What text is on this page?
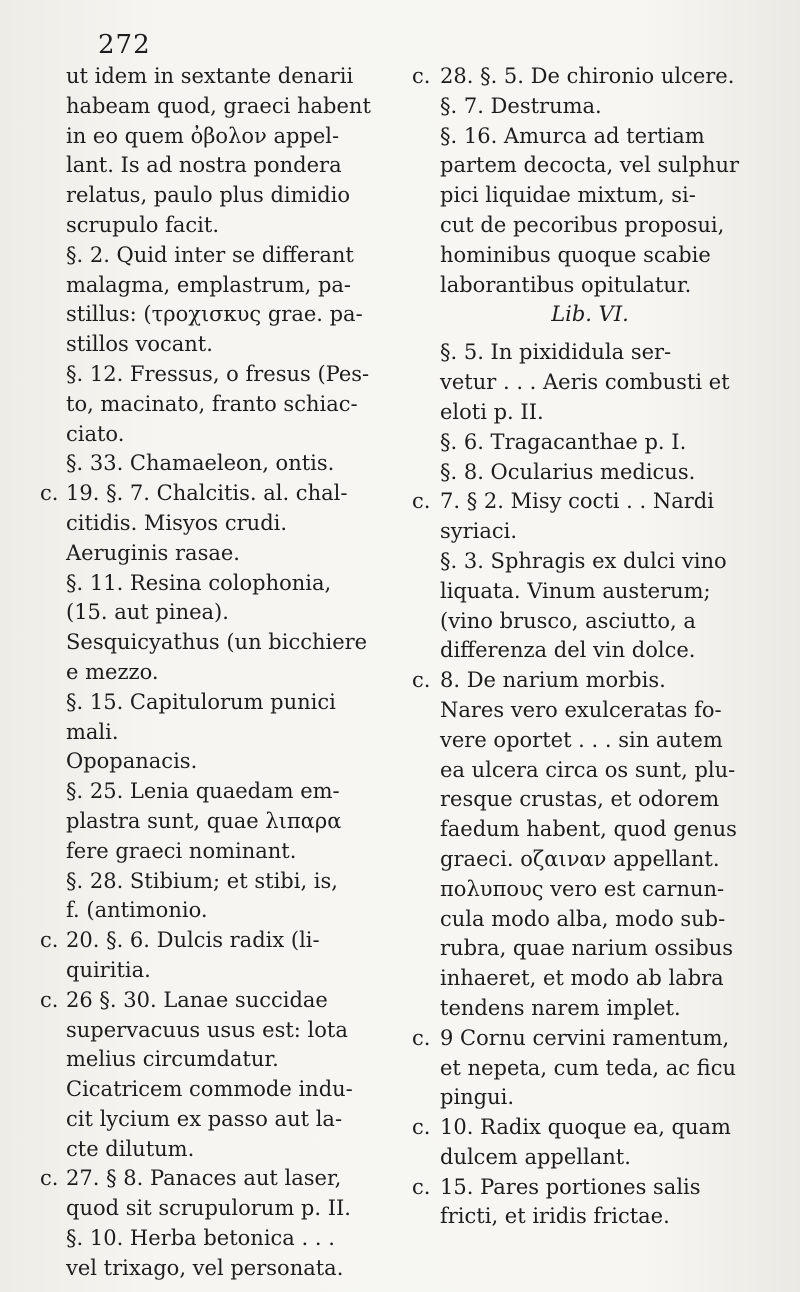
272
ut idem in sextante denarii
habeam quod, graeci habent
in eo quem ὀβολον appel-
lant. Is ad nostra pondera
relatus, paulo plus dimidio
scrupulo facit.
§. 2. Quid inter se differant
malagma, emplastrum, pa-
stillus: (τροχισκυς grae. pa-
stillos vocant.
§. 12. Fressus, o fresus (Pes-
to, macinato, franto schiac-
ciato.
§. 33. Chamaeleon, ontis.
c. 19. §. 7. Chalcitis. al. chal-
citidis. Misyos crudi.
Aeruginis rasae.
§. 11. Resina colophonia,
(15. aut pinea).
Sesquicyathus (un bicchiere
e mezzo.
§. 15. Capitulorum punici
mali.
Opopanacis.
§. 25. Lenia quaedam em-
plastra sunt, quae λιπαρα
fere graeci nominant.
§. 28. Stibium; et stibi, is,
f. (antimonio.
c. 20. §. 6. Dulcis radix (li-
quiritia.
c. 26 §. 30. Lanae succidae
supervacuus usus est: lota
melius circumdatur.
Cicatricem commode indu-
cit lycium ex passo aut la-
cte dilutum.
c. 27. § 8. Panaces aut laser,
quod sit scrupulorum p. II.
§. 10. Herba betonica . . .
vel trixago, vel personata.
c. 28. §. 5. De chironio ulcere.
§. 7. Destruma.
§. 16. Amurca ad tertiam
partem decocta, vel sulphur
pici liquidae mixtum, si-
cut de pecoribus proposui,
hominibus quoque scabie
laborantibus opitulatur.
Lib. VI.
§. 5. In pixididula ser-
vetur . . . Aeris combusti et
eloti p. II.
§. 6. Tragacanthae p. I.
§. 8. Ocularius medicus.
c. 7. § 2. Misy cocti . . Nardi
syriaci.
§. 3. Sphragis ex dulci vino
liquata. Vinum austerum;
(vino brusco, asciutto, a
differenza del vin dolce.
c. 8. De narium morbis.
Nares vero exulceratas fo-
vere oportet . . . sin autem
ea ulcera circa os sunt, plu-
resque crustas, et odorem
faedum habent, quod genus
graeci. οζαιναν appellant.
πολυπους vero est carnun-
cula modo alba, modo sub-
rubra, quae narium ossibus
inhaeret, et modo ab labra
tendens narem implet.
c. 9 Cornu cervini ramentum,
et nepeta, cum teda, ac ficu
pingui.
c. 10. Radix quoque ea, quam
dulcem appellant.
c. 15. Pares portiones salis
fricti, et iridis frictae.
